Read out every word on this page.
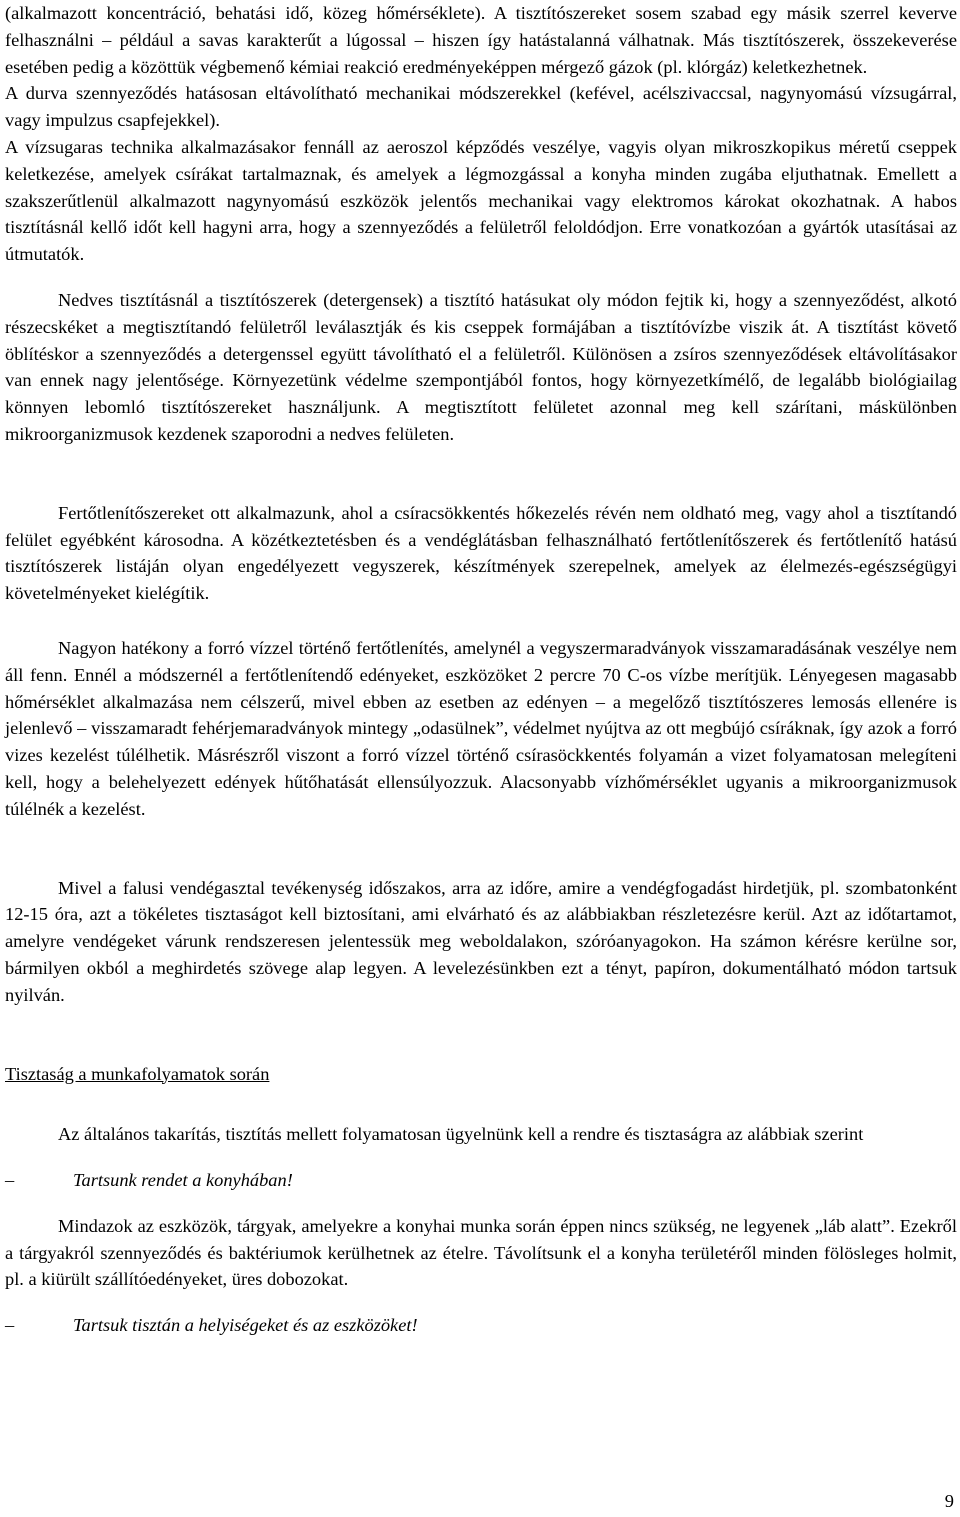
(alkalmazott koncentráció, behatási idő, közeg hőmérséklete). A tisztítószereket sosem szabad egy másik szerrel keverve felhasználni – például a savas karakterűt a lúgossal – hiszen így hatástalanná válhatnak. Más tisztítószerek, összekeverése esetében pedig a közöttük végbemenő kémiai reakció eredményeképpen mérgező gázok (pl. klórgáz) keletkezhetnek.

A durva szennyeződés hatásosan eltávolítható mechanikai módszerekkel (kefével, acélszivaccsal, nagynyomású vízsugárral, vagy impulzus csapfejekkel).

A vízsugaras technika alkalmazásakor fennáll az aeroszol képződés veszélye, vagyis olyan mikroszkopikus méretű cseppek keletkezése, amelyek csírákat tartalmaznak, és amelyek a légmozgással a konyha minden zugába eljuthatnak. Emellett a szakszerűtlenül alkalmazott nagynyomású eszközök jelentős mechanikai vagy elektromos károkat okozhatnak. A habos tisztításnál kellő időt kell hagyni arra, hogy a szennyeződés a felületről feloldódjon. Erre vonatkozóan a gyártók utasításai az útmutatók.

Nedves tisztításnál a tisztítószerek (detergensek) a tisztító hatásukat oly módon fejtik ki, hogy a szennyeződést, alkotó részecskéket a megtisztítandó felületről leválasztják és kis cseppek formájában a tisztítóvízbe viszik át. A tisztítást követő öblítéskor a szennyeződés a detergenssel együtt távolítható el a felületről. Különösen a zsíros szennyeződések eltávolításakor van ennek nagy jelentősége. Környezetünk védelme szempontjából fontos, hogy környezetkímélő, de legalább biológiailag könnyen lebomló tisztítószereket használjunk. A megtisztított felületet azonnal meg kell szárítani, máskülönben mikroorganizmusok kezdenek szaporodni a nedves felületen.

Fertőtlenítőszereket ott alkalmazunk, ahol a csíracsökkentés hőkezelés révén nem oldható meg, vagy ahol a tisztítandó felület egyébként károsodna. A közétkeztetésben és a vendéglátásban felhasználható fertőtlenítőszerek és fertőtlenítő hatású tisztítószerek listáján olyan engedélyezett vegyszerek, készítmények szerepelnek, amelyek az élelmezés-egészségügyi követelményeket kielégítik.

Nagyon hatékony a forró vízzel történő fertőtlenítés, amelynél a vegyszermaradványok visszamaradásának veszélye nem áll fenn. Ennél a módszernél a fertőtlenítendő edényeket, eszközöket 2 percre 70 C-os vízbe merítjük. Lényegesen magasabb hőmérséklet alkalmazása nem célszerű, mivel ebben az esetben az edényen – a megelőző tisztítószeres lemosás ellenére is jelenlevő – visszamaradt fehérjemaradványok mintegy „odasülnek”, védelmet nyújtva az ott megbújó csíráknak, így azok a forró vizes kezelést túlélhetik. Másrészről viszont a forró vízzel történő csírasöckkentés folyamán a vizet folyamatosan melegíteni kell, hogy a belehelyezett edények hűtőhatását ellensúlyozzuk. Alacsonyabb vízhőmérséklet ugyanis a mikroorganizmusok túlélnék a kezelést.

Mivel a falusi vendégasztal tevékenység időszakos, arra az időre, amire a vendégfogadást hirdetjük, pl. szombatonként 12-15 óra, azt a tökéletes tisztaságot kell biztosítani, ami elvárható és az alábbiakban részletezésre kerül. Azt az időtartamot, amelyre vendégeket várunk rendszeresen jelentessük meg weboldalakon, szóróanyagokon. Ha számon kérésre kerülne sor, bármilyen okból a meghirdetés szövege alap legyen. A levelezésünkben ezt a tényt, papíron, dokumentálható módon tartsuk nyilván.

Tisztaság a munkafolyamatok során

Az általános takarítás, tisztítás mellett folyamatosan ügyelnünk kell a rendre és tisztaságra az alábbiak szerint

–	Tartsunk rendet a konyhában!

Mindazok az eszközök, tárgyak, amelyekre a konyhai munka során éppen nincs szükség, ne legyenek „láb alatt”. Ezekről a tárgyakról szennyeződés és baktériumok kerülhetnek az ételre. Távolítsunk el a konyha területéről minden fölösleges holmit, pl. a kiürült szállítóedényeket, üres dobozokat.

–	Tartsuk tisztán a helyiségeket és az eszközöket!

9
